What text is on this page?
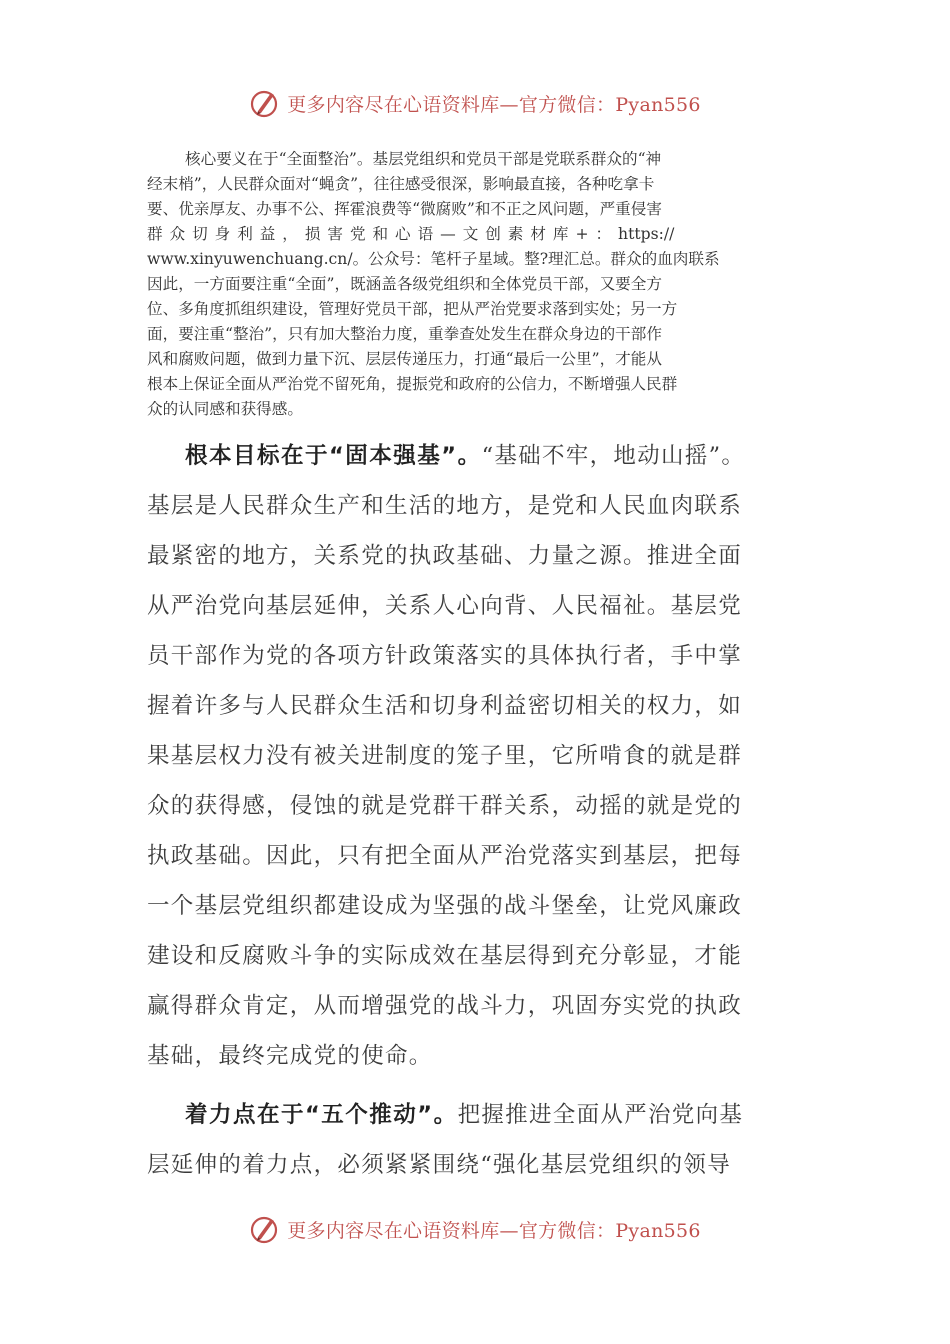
更多内容尽在心语资料库—官方微信：Pyan556
核心要义在于“全面整治”。基层党组织和党员干部是党联系群众的“神
经末梢”，人民群众面对“蝇贪”，往往感受很深，影响最直接，各种吃拿卡
要、优亲厚友、办事不公、挥霍浪费等“微腐败”和不正之风问题，严重侵害
群 众 切 身 利 益 ， 损 害 党 和 心 语 — 文 创 素 材 库 + ： https://
www.xinyuwenchuang.cn/。公众号：笔杆子星域。整?理汇总。群众的血肉联系
因此，一方面要注重“全面”，既涵盖各级党组织和全体党员干部，又要全方
位、多角度抓组织建设，管理好党员干部，把从严治党要求落到实处；另一方
面，要注重“整治”，只有加大整治力度，重拳查处发生在群众身边的干部作
风和腐败问题，做到力量下沉、层层传递压力，打通“最后一公里”，才能从
根本上保证全面从严治党不留死角，提振党和政府的公信力，不断增强人民群
众的认同感和获得感。
根本目标在于“固本强基”。“基础不牢，地动山摇”。
基层是人民群众生产和生活的地方，是党和人民血肉联系
最紧密的地方，关系党的执政基础、力量之源。推进全面
从严治党向基层延伸，关系人心向背、人民福祉。基层党
员干部作为党的各项方针政策落实的具体执行者，手中掌
握着许多与人民群众生活和切身利益密切相关的权力，如
果基层权力没有被关进制度的笼子里，它所啃食的就是群
众的获得感，侵蚀的就是党群干群关系，动摇的就是党的
执政基础。因此，只有把全面从严治党落实到基层，把每
一个基层党组织都建设成为坚强的战斗堡垒，让党风廉政
建设和反腐败斗争的实际成效在基层得到充分彰显，才能
赢得群众肯定，从而增强党的战斗力，巩固夯实党的执政
基础，最终完成党的使命。
着力点在于“五个推动”。把握推进全面从严治党向基
层延伸的着力点，必须紧紧围绕“强化基层党组织的领导
更多内容尽在心语资料库—官方微信：Pyan556
